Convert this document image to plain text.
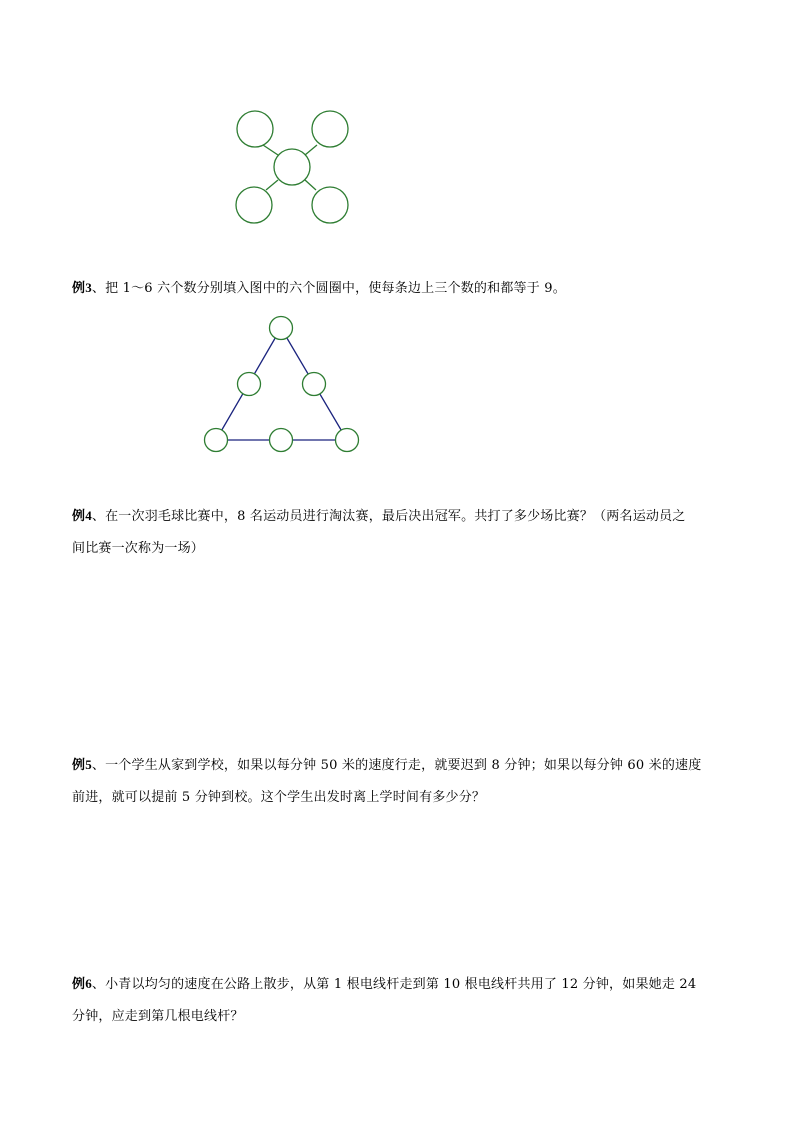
例3、把 1～6 六个数分别填入图中的六个圆圈中，使每条边上三个数的和都等于 9。
例4、在一次羽毛球比赛中，8 名运动员进行淘汰赛，最后决出冠军。共打了多少场比赛？（两名运动员之
间比赛一次称为一场）
例5、一个学生从家到学校，如果以每分钟 50 米的速度行走，就要迟到 8 分钟；如果以每分钟 60 米的速度
前进，就可以提前 5 分钟到校。这个学生出发时离上学时间有多少分？
例6、小青以均匀的速度在公路上散步，从第 1 根电线杆走到第 10 根电线杆共用了 12 分钟，如果她走 24
分钟，应走到第几根电线杆？
